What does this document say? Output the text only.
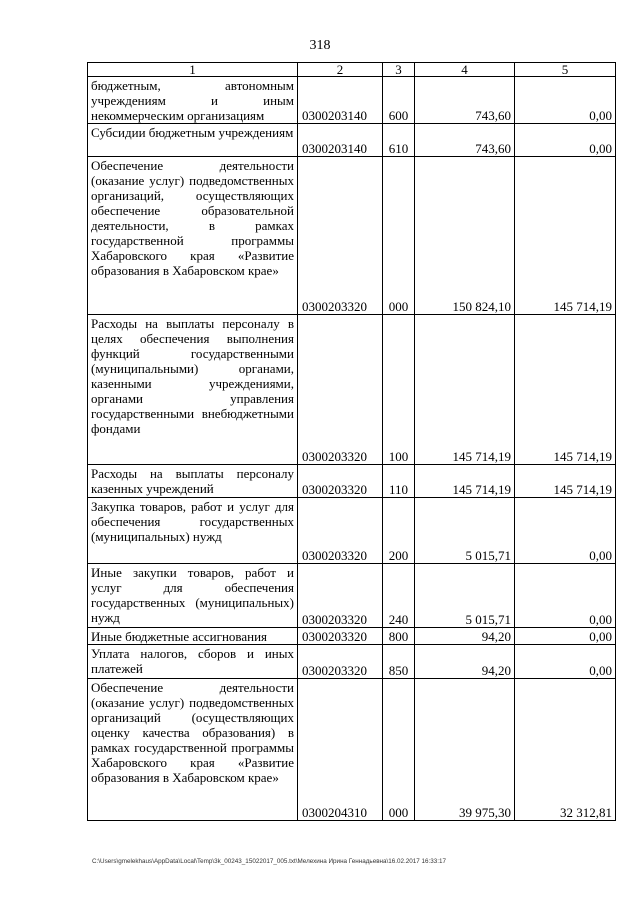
318
1	2	3	4	5
бюджетным, автономным учреждениям и иным некоммерческим организациям	0300203140	600	743,60	0,00
Субсидии бюджетным учреждениям	0300203140	610	743,60	0,00
Обеспечение деятельности (оказание услуг) подведомственных организаций, осуществляющих обеспечение образовательной деятельности, в рамках государственной программы Хабаровского края «Развитие образования в Хабаровском крае»	0300203320	000	150 824,10	145 714,19
Расходы на выплаты персоналу в целях обеспечения выполнения функций государственными (муниципальными) органами, казенными учреждениями, органами управления государственными внебюджетными фондами	0300203320	100	145 714,19	145 714,19
Расходы на выплаты персоналу казенных учреждений	0300203320	110	145 714,19	145 714,19
Закупка товаров, работ и услуг для обеспечения государственных (муниципальных) нужд	0300203320	200	5 015,71	0,00
Иные закупки товаров, работ и услуг для обеспечения государственных (муниципальных) нужд	0300203320	240	5 015,71	0,00
Иные бюджетные ассигнования	0300203320	800	94,20	0,00
Уплата налогов, сборов и иных платежей	0300203320	850	94,20	0,00
Обеспечение деятельности (оказание услуг) подведомственных организаций (осуществляющих оценку качества образования) в рамках государственной программы Хабаровского края «Развитие образования в Хабаровском крае»	0300204310	000	39 975,30	32 312,81
C:\Users\gmelekhaus\AppData\Local\Temp\3k_00243_15022017_005.txt\Мелехина Ирина Геннадьевна\16.02.2017 16:33:17
